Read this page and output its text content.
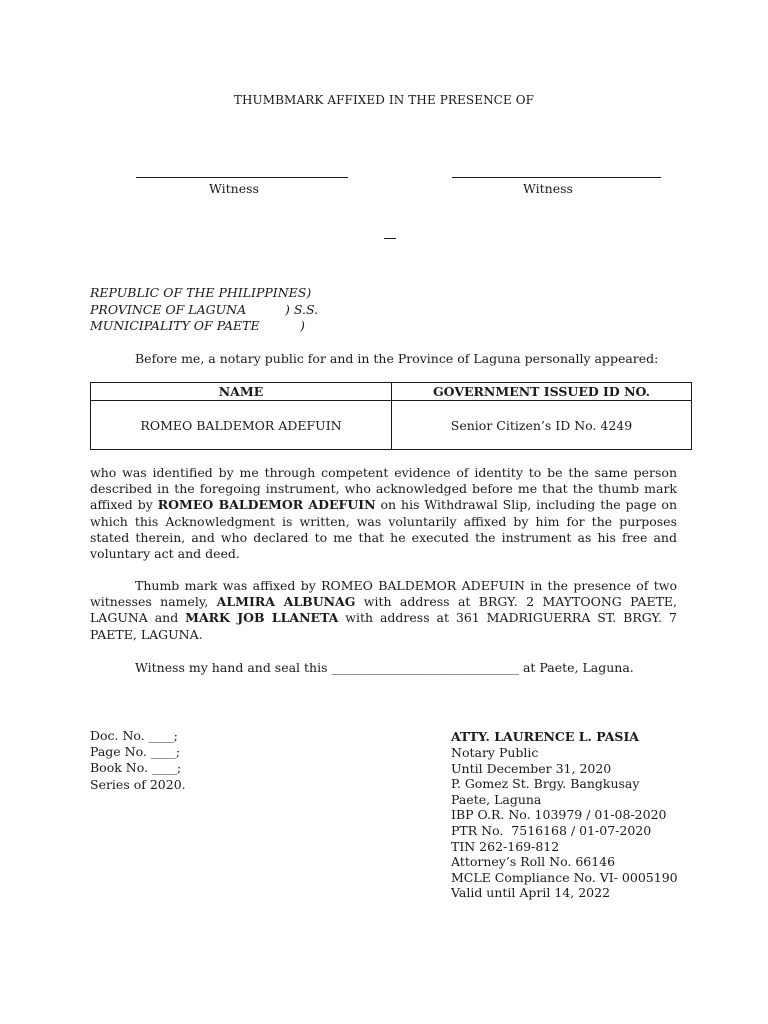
THUMBMARK AFFIXED IN THE PRESENCE OF
Witness	Witness
REPUBLIC OF THE PHILIPPINES)
PROVINCE OF LAGUNA	) S.S.
MUNICIPALITY OF PAETE	)
Before me, a notary public for and in the Province of Laguna personally appeared:
NAME	GOVERNMENT ISSUED ID NO.
ROMEO BALDEMOR ADEFUIN	Senior Citizen’s ID No. 4249
who was identified by me through competent evidence of identity to be the same person described in the foregoing instrument, who acknowledged before me that the thumb mark affixed by ROMEO BALDEMOR ADEFUIN on his Withdrawal Slip, including the page on which this Acknowledgment is written, was voluntarily affixed by him for the purposes stated therein, and who declared to me that he executed the instrument as his free and voluntary act and deed.
Thumb mark was affixed by ROMEO BALDEMOR ADEFUIN in the presence of two witnesses namely, ALMIRA ALBUNAG with address at BRGY. 2 MAYTOONG PAETE, LAGUNA and MARK JOB LLANETA with address at 361 MADRIGUERRA ST. BRGY. 7 PAETE, LAGUNA.
Witness my hand and seal this ______________________________ at Paete, Laguna.
Doc. No. ____;
Page No. ____;
Book No. ____;
Series of 2020.
ATTY. LAURENCE L. PASIA
Notary Public
Until December 31, 2020
P. Gomez St. Brgy. Bangkusay
Paete, Laguna
IBP O.R. No. 103979 / 01-08-2020
PTR No.  7516168 / 01-07-2020
TIN 262-169-812
Attorney’s Roll No. 66146
MCLE Compliance No. VI- 0005190
Valid until April 14, 2022
